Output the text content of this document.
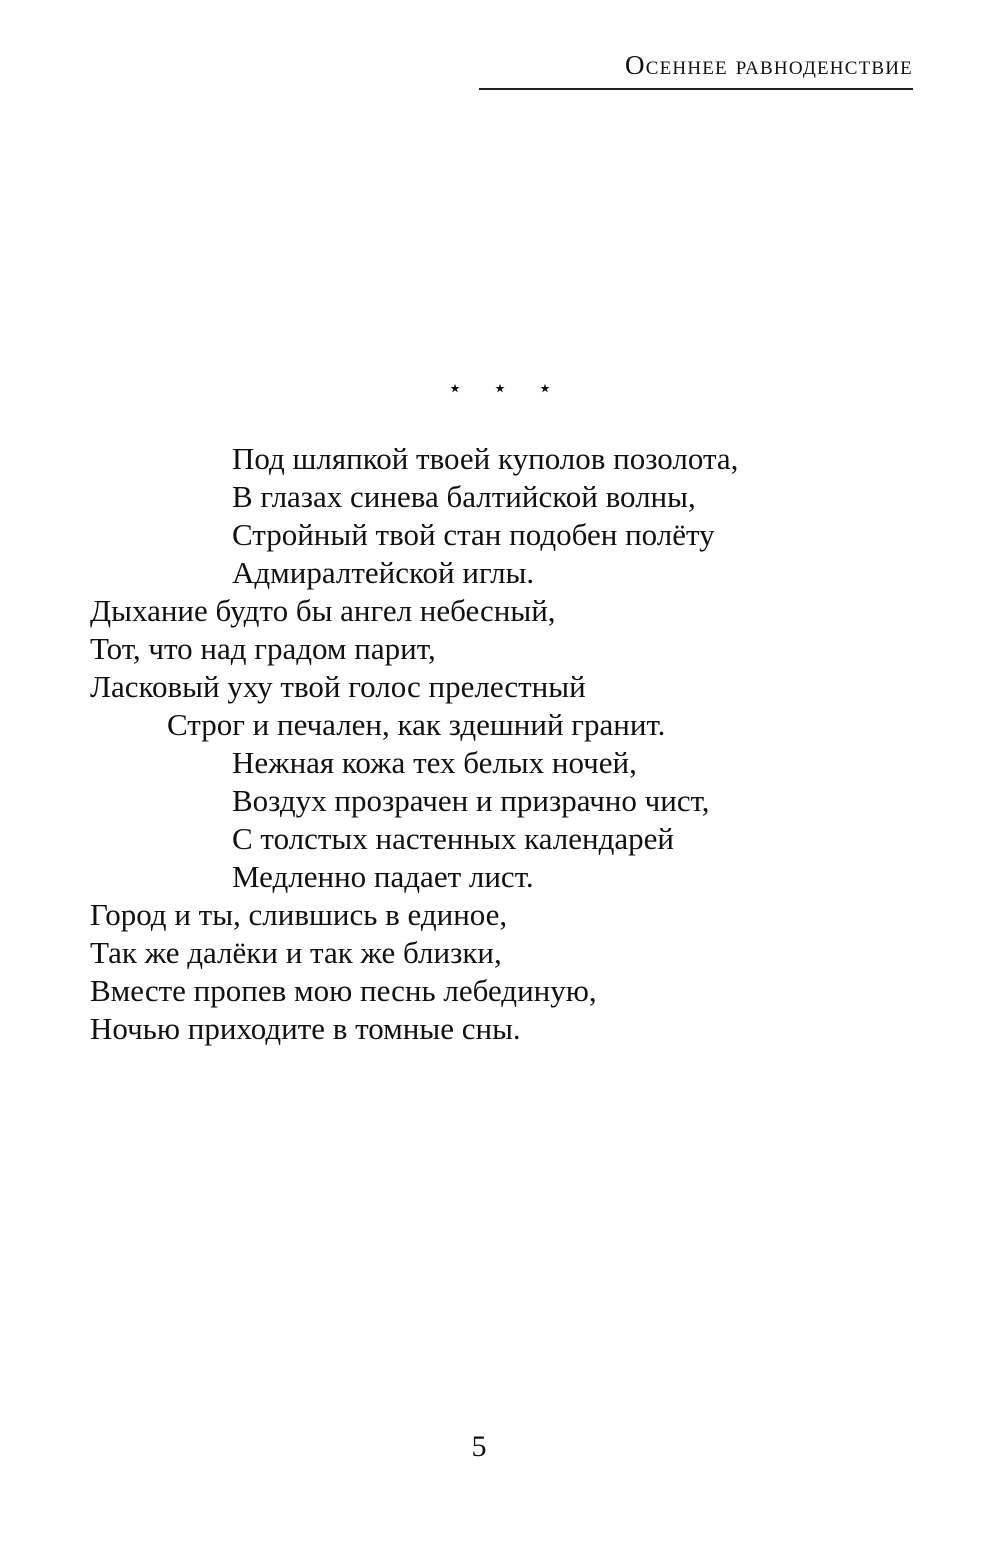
Осеннее равноденствие
⋆ ⋆ ⋆
Под шляпкой твоей куполов позолота,
В глазах синева балтийской волны,
Стройный твой стан подобен полёту
Адмиралтейской иглы.
Дыхание будто бы ангел небесный,
Тот, что над градом парит,
Ласковый уху твой голос прелестный
Строг и печален, как здешний гранит.
Нежная кожа тех белых ночей,
Воздух прозрачен и призрачно чист,
С толстых настенных календарей
Медленно падает лист.
Город и ты, слившись в единое,
Так же далёки и так же близки,
Вместе пропев мою песнь лебединую,
Ночью приходите в томные сны.
5
